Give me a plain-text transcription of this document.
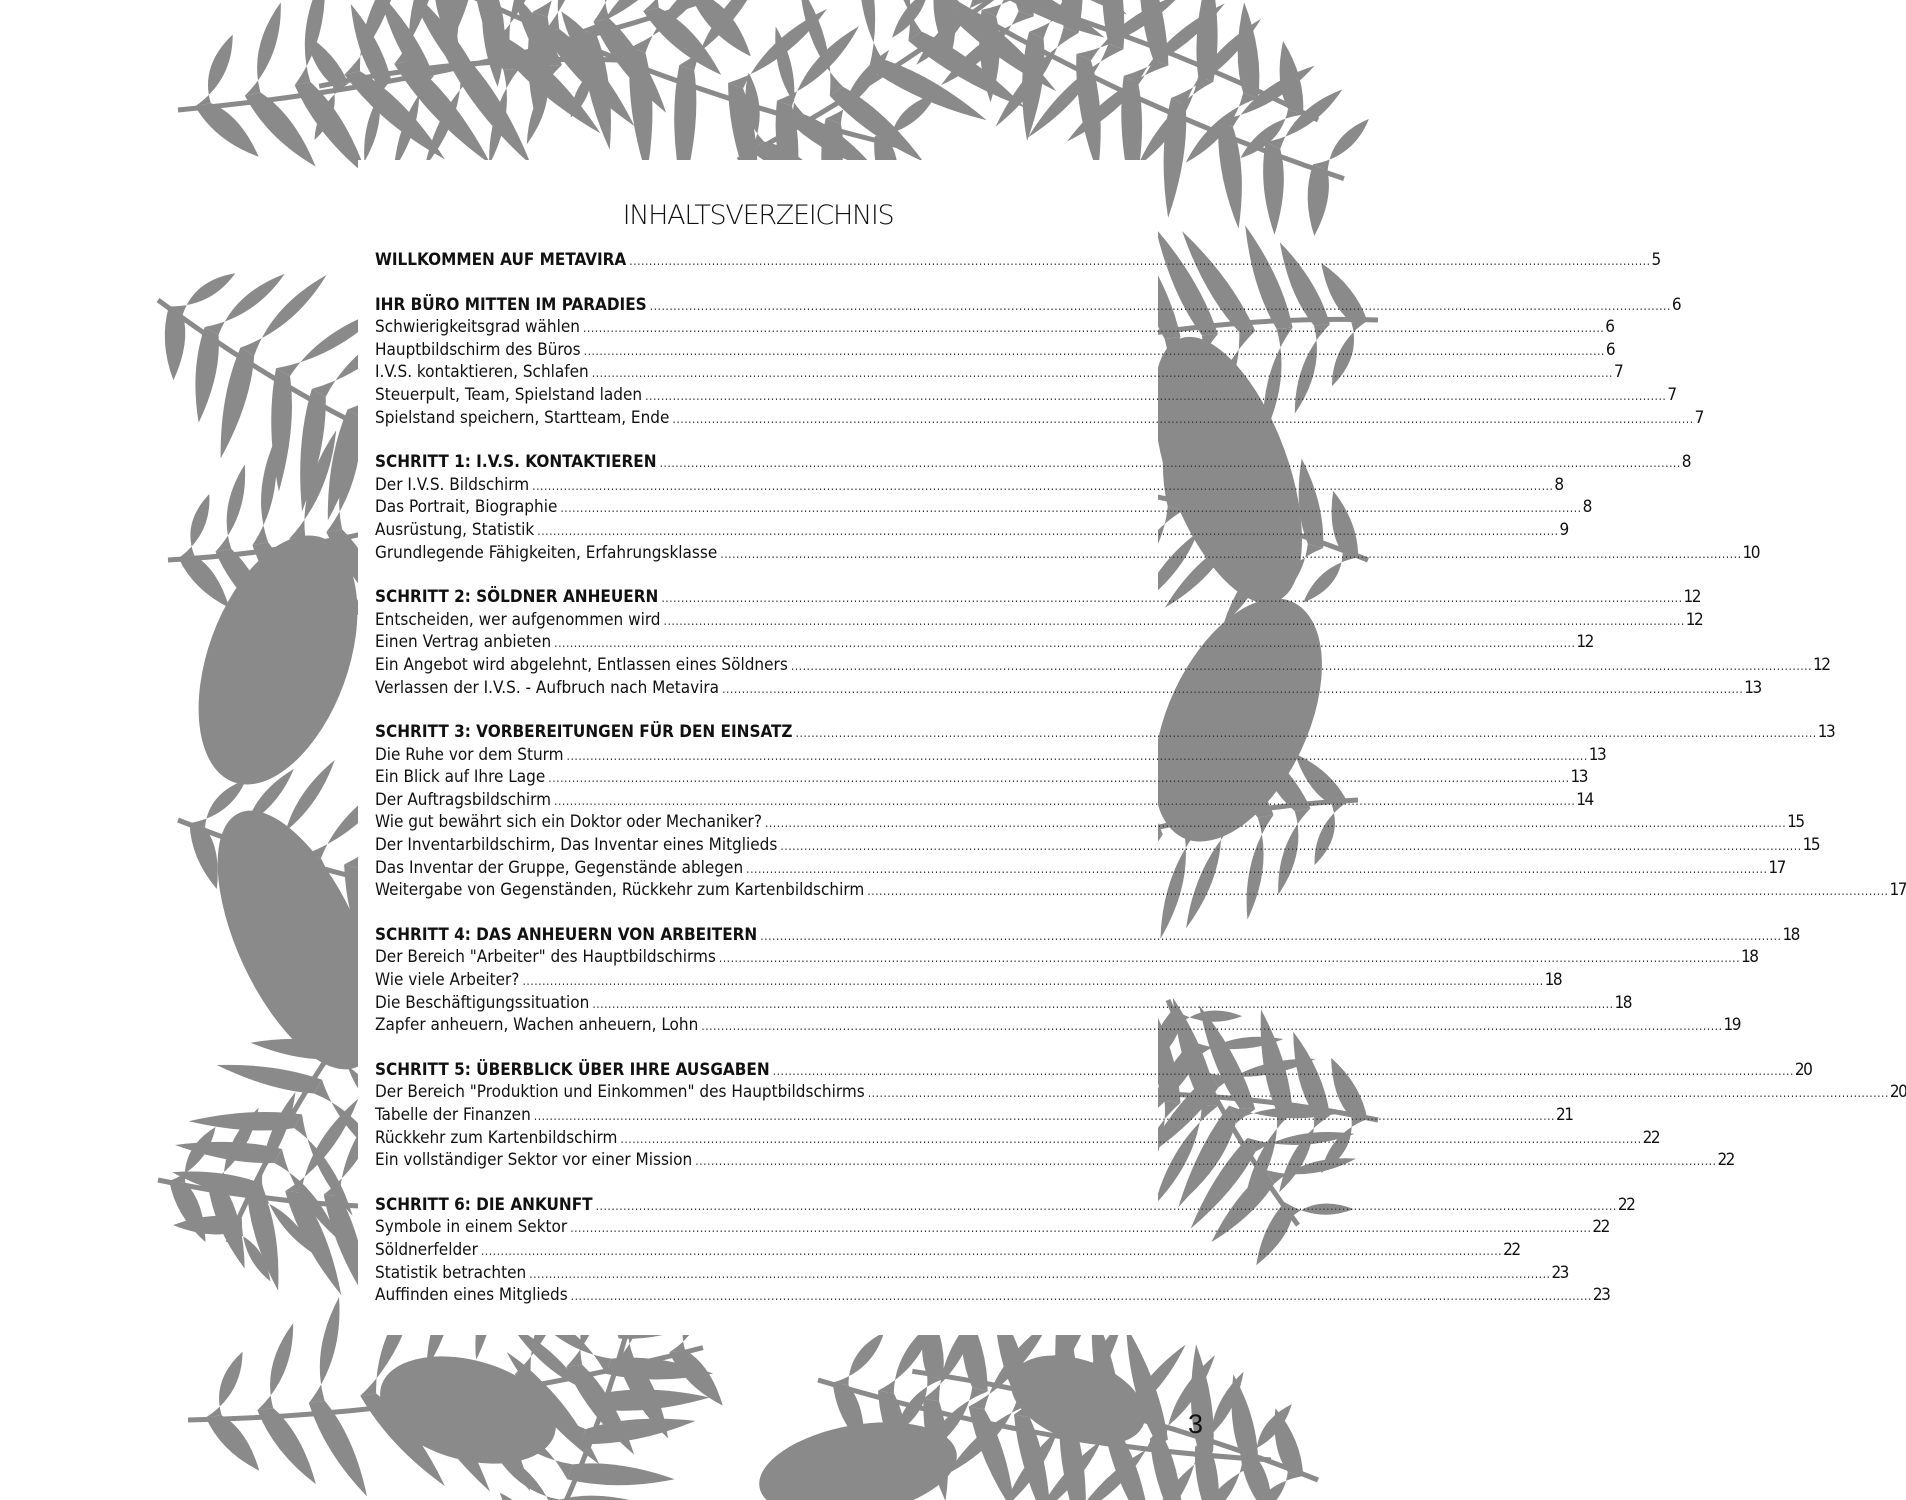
INHALTSVERZEICHNIS
WILLKOMMEN AUF METAVIRA .................................................................................................................................................................................................................................................................... 5
IHR BÜRO MITTEN IM PARADIES .................................................................................................................................................................................................................................................................... 6
Schwierigkeitsgrad wählen .................................................................................................................................................................................................................................................................... 6
Hauptbildschirm des Büros .................................................................................................................................................................................................................................................................... 6
I.V.S. kontaktieren, Schlafen .................................................................................................................................................................................................................................................................... 7
Steuerpult, Team, Spielstand laden .................................................................................................................................................................................................................................................................... 7
Spielstand speichern, Startteam, Ende .................................................................................................................................................................................................................................................................... 7
SCHRITT 1: I.V.S. KONTAKTIEREN .................................................................................................................................................................................................................................................................... 8
Der I.V.S. Bildschirm .................................................................................................................................................................................................................................................................... 8
Das Portrait, Biographie .................................................................................................................................................................................................................................................................... 8
Ausrüstung, Statistik .................................................................................................................................................................................................................................................................... 9
Grundlegende Fähigkeiten, Erfahrungsklasse .................................................................................................................................................................................................................................................................... 10
SCHRITT 2: SÖLDNER ANHEUERN .................................................................................................................................................................................................................................................................... 12
Entscheiden, wer aufgenommen wird .................................................................................................................................................................................................................................................................... 12
Einen Vertrag anbieten .................................................................................................................................................................................................................................................................... 12
Ein Angebot wird abgelehnt, Entlassen eines Söldners .................................................................................................................................................................................................................................................................... 12
Verlassen der I.V.S. - Aufbruch nach Metavira .................................................................................................................................................................................................................................................................... 13
SCHRITT 3: VORBEREITUNGEN FÜR DEN EINSATZ .................................................................................................................................................................................................................................................................... 13
Die Ruhe vor dem Sturm .................................................................................................................................................................................................................................................................... 13
Ein Blick auf Ihre Lage .................................................................................................................................................................................................................................................................... 13
Der Auftragsbildschirm .................................................................................................................................................................................................................................................................... 14
Wie gut bewährt sich ein Doktor oder Mechaniker? .................................................................................................................................................................................................................................................................... 15
Der Inventarbildschirm, Das Inventar eines Mitglieds .................................................................................................................................................................................................................................................................... 15
Das Inventar der Gruppe, Gegenstände ablegen .................................................................................................................................................................................................................................................................... 17
Weitergabe von Gegenständen, Rückkehr zum Kartenbildschirm .................................................................................................................................................................................................................................................................... 17
SCHRITT 4: DAS ANHEUERN VON ARBEITERN .................................................................................................................................................................................................................................................................... 18
Der Bereich "Arbeiter" des Hauptbildschirms .................................................................................................................................................................................................................................................................... 18
Wie viele Arbeiter? .................................................................................................................................................................................................................................................................... 18
Die Beschäftigungssituation .................................................................................................................................................................................................................................................................... 18
Zapfer anheuern, Wachen anheuern, Lohn .................................................................................................................................................................................................................................................................... 19
SCHRITT 5: ÜBERBLICK ÜBER IHRE AUSGABEN .................................................................................................................................................................................................................................................................... 20
Der Bereich "Produktion und Einkommen" des Hauptbildschirms .................................................................................................................................................................................................................................................................... 20
Tabelle der Finanzen .................................................................................................................................................................................................................................................................... 21
Rückkehr zum Kartenbildschirm .................................................................................................................................................................................................................................................................... 22
Ein vollständiger Sektor vor einer Mission .................................................................................................................................................................................................................................................................... 22
SCHRITT 6: DIE ANKUNFT .................................................................................................................................................................................................................................................................... 22
Symbole in einem Sektor .................................................................................................................................................................................................................................................................... 22
Söldnerfelder .................................................................................................................................................................................................................................................................... 22
Statistik betrachten .................................................................................................................................................................................................................................................................... 23
Auffinden eines Mitglieds .................................................................................................................................................................................................................................................................... 23
3
